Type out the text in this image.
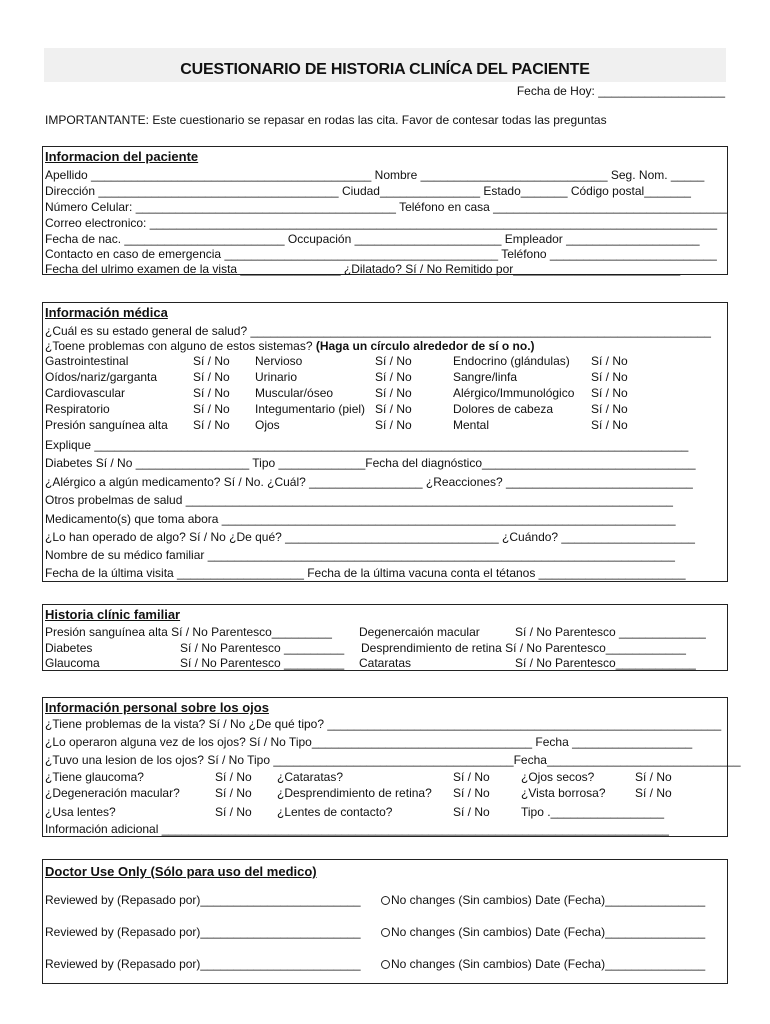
CUESTIONARIO DE HISTORIA CLINÍCA DEL PACIENTE
Fecha de Hoy: ___________________
IMPORTANTANTE: Este cuestionario se repasar en rodas las cita. Favor de contesar todas las preguntas
Informacion del paciente
Apellido __________________________________________ Nombre ____________________________ Seg. Nom. _____
Dirección ____________________________________ Ciudad_______________ Estado_______ Código postal_______
Número Celular: _______________________________________ Teléfono en casa ___________________________________
Correo electronico: _____________________________________________________________________________________
Fecha de nac. ________________________ Occupación ______________________ Empleador ____________________
Contacto en caso de emergencia _________________________________________ Teléfono _________________________
Fecha del ulrimo examen de la vista _______________ ¿Dilatado? Sí / No Remitido por_________________________
Información médica
¿Cuál es su estado general de salud? _____________________________________________________________________
¿Toene problemas con alguno de estos sistemas? (Haga un círculo alrededor de sí o no.)
Gastrointestinal	Sí / No Nervioso	Sí / No	Endocrino (glándulas) Sí / No
Oídos/nariz/garganta	Sí / No Urinario	Sí / No	Sangre/linfa	Sí / No
Cardiovascular	Sí / No Muscular/óseo	Sí / No	Alérgico/Immunológico Sí / No
Respiratorio	Sí / No Integumentario (piel) Sí / No	Dolores de cabeza	Sí / No
Presión sanguínea alta Sí / No Ojos	Sí / No	Mental	Sí / No
Explique _________________________________________________________________________________________
Diabetes Sí / No _________________ Tipo _____________Fecha del diagnóstico________________________________
¿Alérgico a algún medicamento? Sí / No. ¿Cuál? _________________ ¿Reacciones? ____________________________
Otros probelmas de salud _________________________________________________________________________
Medicamento(s) que toma abora ____________________________________________________________________
¿Lo han operado de algo? Sí / No ¿De qué? ________________________________ ¿Cuándo? ____________________
Nombre de su médico familiar ______________________________________________________________________
Fecha de la última visita ___________________ Fecha de la última vacuna conta el tétanos ______________________
Historia clínic familiar
Presión sanguínea alta Sí / No Parentesco_________ Degenercaión macular	Sí / No Parentesco _____________
Diabetes	Sí / No Parentesco _________ Desprendimiento de retina Sí / No Parentesco____________
Glaucoma	Sí / No Parentesco _________ Cataratas	Sí / No Parentesco____________
Información personal sobre los ojos
¿Tiene problemas de la vista? Sí / No ¿De qué tipo? ___________________________________________________________
¿Lo operaron alguna vez de los ojos? Sí / No Tipo_________________________________ Fecha __________________
¿Tuvo una lesion de los ojos? Sí / No Tipo ____________________________________Fecha_____________________________
¿Tiene glaucoma?	Sí / No ¿Cataratas?	Sí / No	¿Ojos secos?	Sí / No
¿Degeneración macular?	Sí / No ¿Desprendimiento de retina? Sí / No	¿Vista borrosa? Sí / No
¿Usa lentes?	Sí / No ¿Lentes de contacto?	Sí / No	Tipo ._________________
Información adicional ____________________________________________________________________________
Doctor Use Only (Sólo para uso del medico)
Reviewed by (Repasado por)________________________	No changes (Sin cambios) Date (Fecha)_______________
Reviewed by (Repasado por)________________________	No changes (Sin cambios) Date (Fecha)_______________
Reviewed by (Repasado por)________________________	No changes (Sin cambios) Date (Fecha)_______________
